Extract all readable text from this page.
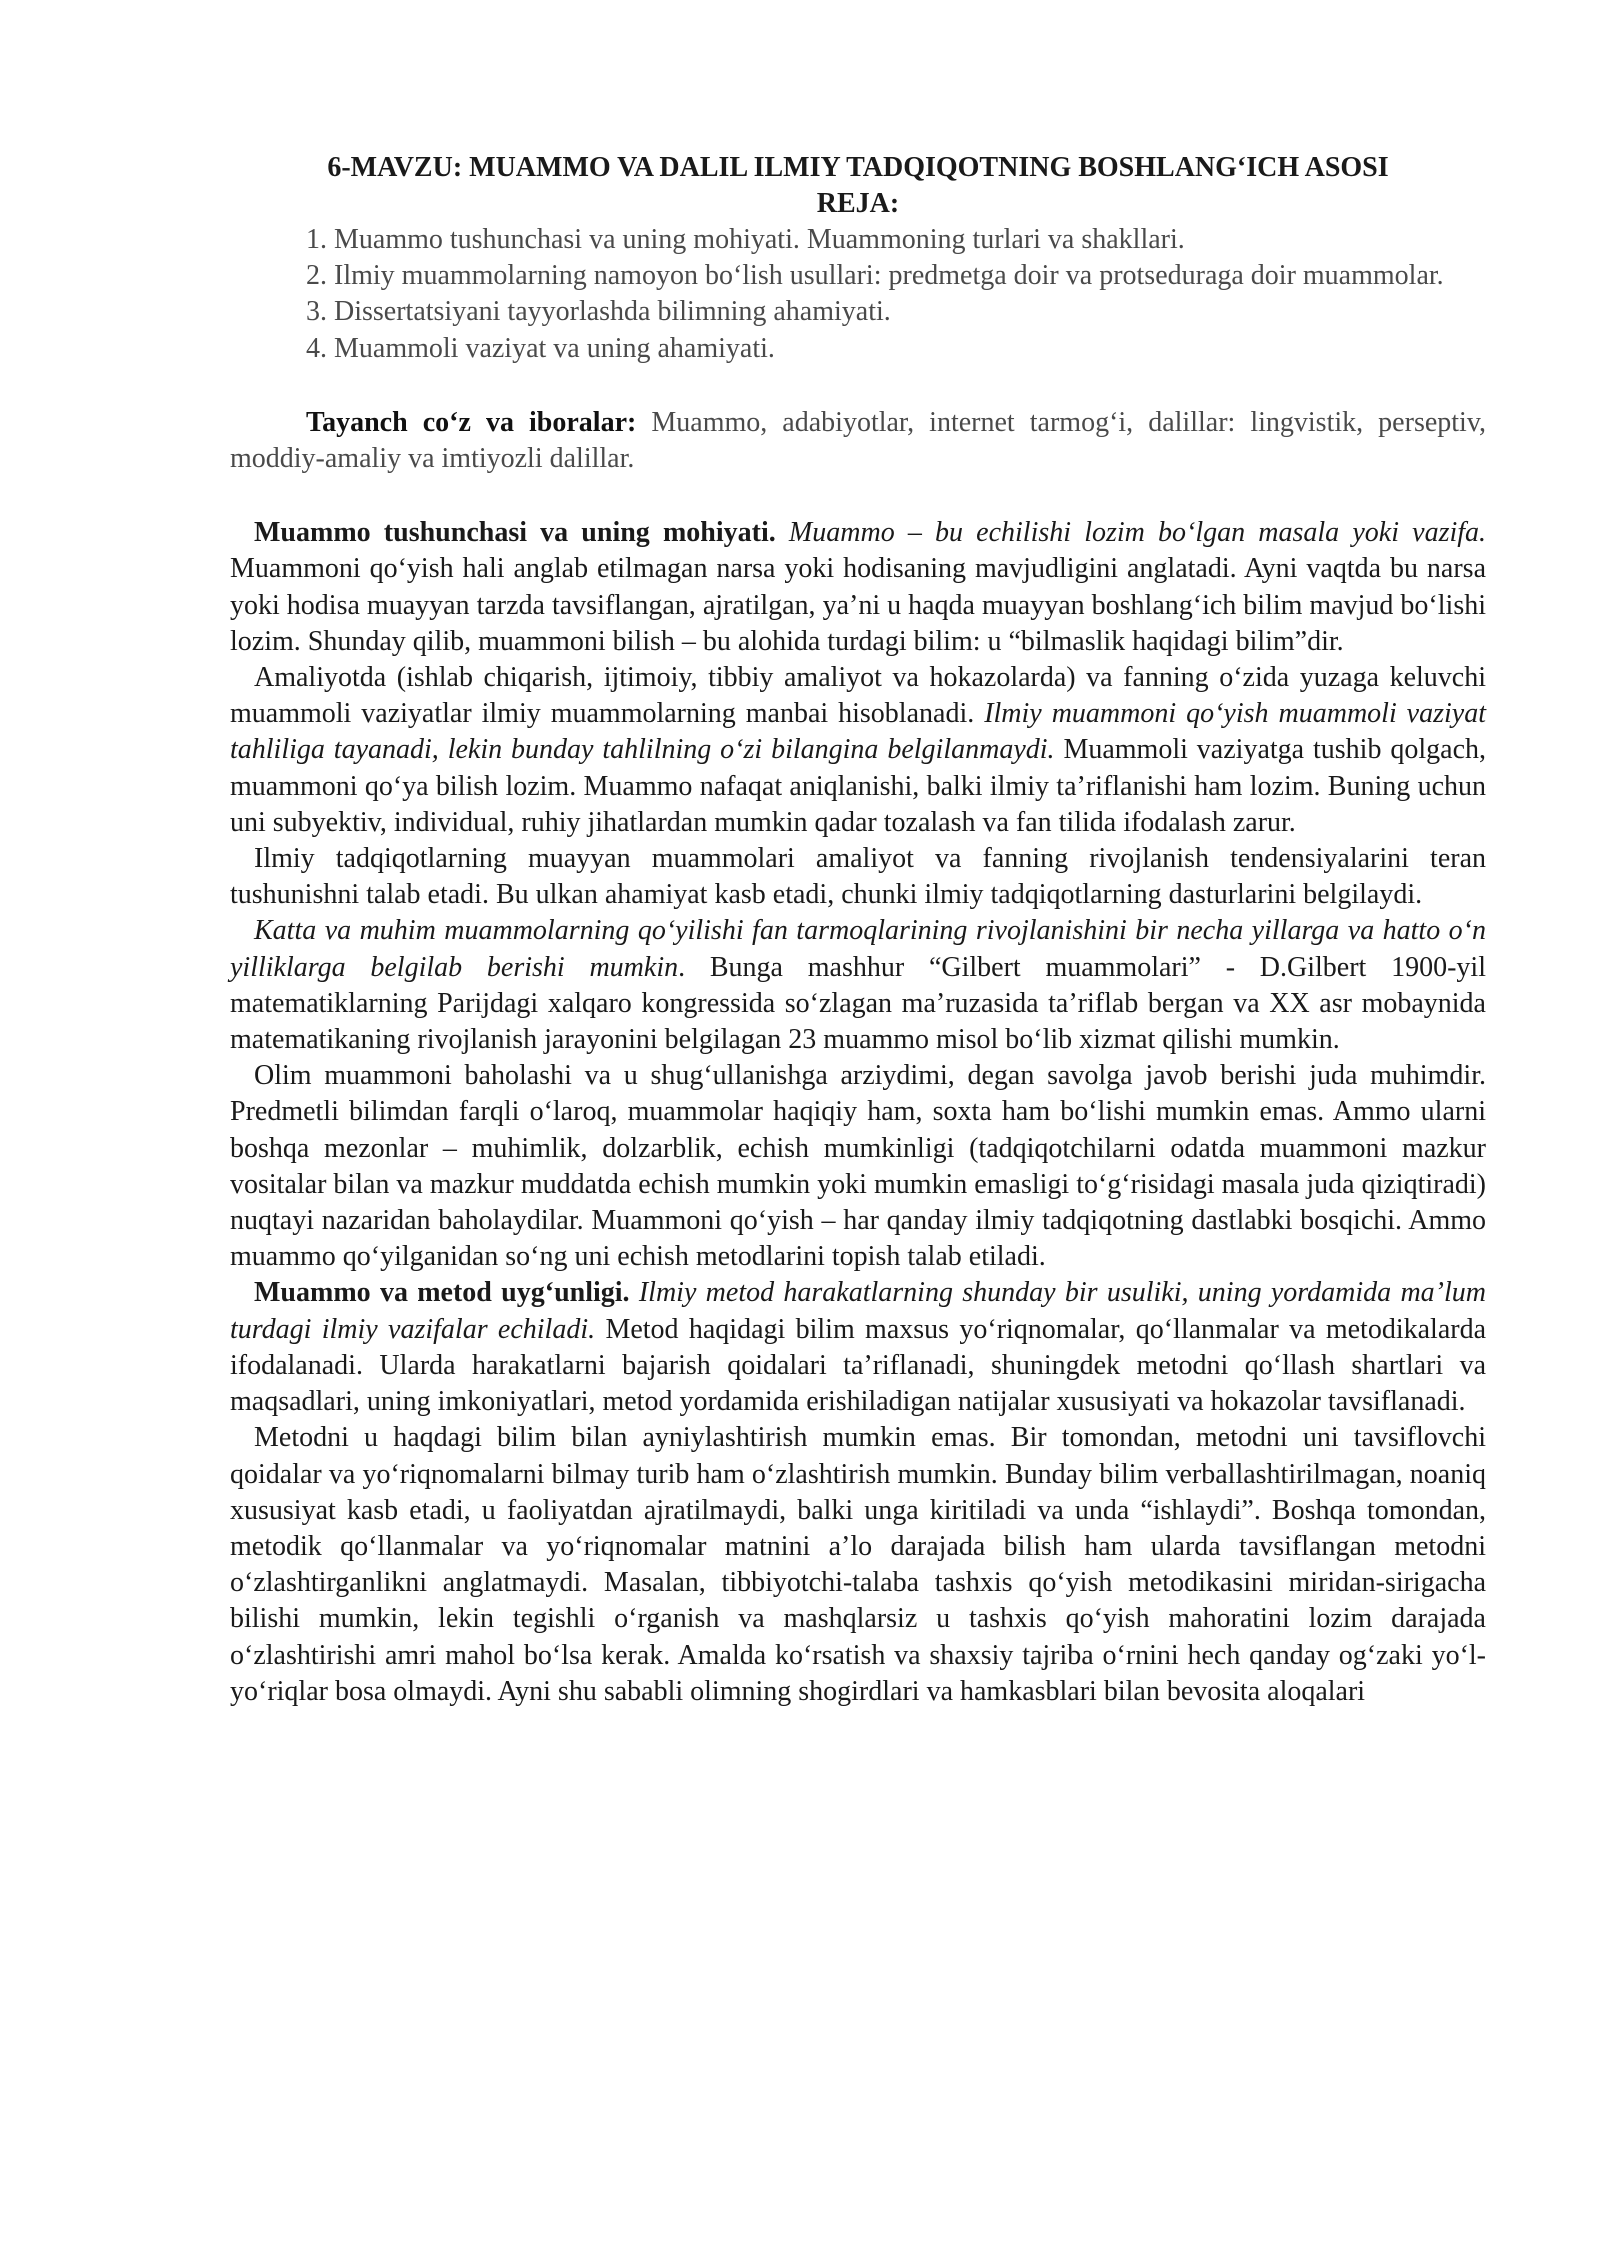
6-MAVZU: MUAMMO VA DALIL ILMIY TADQIQOTNING BOSHLANG‘ICH ASOSI

REJA:

1. Muammo tushunchasi va uning mohiyati. Muammoning turlari va shakllari.

2. Ilmiy muammolarning namoyon bo‘lish usullari: predmetga doir va protseduraga doir muammolar.

3. Dissertatsiyani tayyorlashda bilimning ahamiyati.

4. Muammoli vaziyat va uning ahamiyati.

Tayanch co‘z va iboralar: Muammo, adabiyotlar, internet tarmog‘i, dalillar: lingvistik, perseptiv, moddiy-amaliy va imtiyozli dalillar.

Muammo tushunchasi va uning mohiyati. Muammo – bu echilishi lozim bo‘lgan masala yoki vazifa. Muammoni qo‘yish hali anglab etilmagan narsa yoki hodisaning mavjudligini anglatadi. Ayni vaqtda bu narsa yoki hodisa muayyan tarzda tavsiflangan, ajratilgan, ya’ni u haqda muayyan boshlang‘ich bilim mavjud bo‘lishi lozim. Shunday qilib, muammoni bilish – bu alohida turdagi bilim: u “bilmaslik haqidagi bilim”dir.

Amaliyotda (ishlab chiqarish, ijtimoiy, tibbiy amaliyot va hokazolarda) va fanning o‘zida yuzaga keluvchi muammoli vaziyatlar ilmiy muammolarning manbai hisoblanadi. Ilmiy muammoni qo‘yish muammoli vaziyat tahliliga tayanadi, lekin bunday tahlilning o‘zi bilangina belgilanmaydi. Muammoli vaziyatga tushib qolgach, muammoni qo‘ya bilish lozim. Muammo nafaqat aniqlanishi, balki ilmiy ta’riflanishi ham lozim. Buning uchun uni subyektiv, individual, ruhiy jihatlardan mumkin qadar tozalash va fan tilida ifodalash zarur.

Ilmiy tadqiqotlarning muayyan muammolari amaliyot va fanning rivojlanish tendensiyalarini teran tushunishni talab etadi. Bu ulkan ahamiyat kasb etadi, chunki ilmiy tadqiqotlarning dasturlarini belgilaydi.

Katta va muhim muammolarning qo‘yilishi fan tarmoqlarining rivojlanishini bir necha yillarga va hatto o‘n yilliklarga belgilab berishi mumkin. Bunga mashhur “Gilbert muammolari” - D.Gilbert 1900-yil matematiklarning Parijdagi xalqaro kongressida so‘zlagan ma’ruzasida ta’riflab bergan va XX asr mobaynida matematikaning rivojlanish jarayonini belgilagan 23 muammo misol bo‘lib xizmat qilishi mumkin.

Olim muammoni baholashi va u shug‘ullanishga arziydimi, degan savolga javob berishi juda muhimdir. Predmetli bilimdan farqli o‘laroq, muammolar haqiqiy ham, soxta ham bo‘lishi mumkin emas. Ammo ularni boshqa mezonlar – muhimlik, dolzarblik, echish mumkinligi (tadqiqotchilarni odatda muammoni mazkur vositalar bilan va mazkur muddatda echish mumkin yoki mumkin emasligi to‘g‘risidagi masala juda qiziqtiradi) nuqtayi nazaridan baholaydilar. Muammoni qo‘yish – har qanday ilmiy tadqiqotning dastlabki bosqichi. Ammo muammo qo‘yilganidan so‘ng uni echish metodlarini topish talab etiladi.

Muammo va metod uyg‘unligi. Ilmiy metod harakatlarning shunday bir usuliki, uning yordamida ma’lum turdagi ilmiy vazifalar echiladi. Metod haqidagi bilim maxsus yo‘riqnomalar, qo‘llanmalar va metodikalarda ifodalanadi. Ularda harakatlarni bajarish qoidalari ta’riflanadi, shuningdek metodni qo‘llash shartlari va maqsadlari, uning imkoniyatlari, metod yordamida erishiladigan natijalar xususiyati va hokazolar tavsiflanadi.

Metodni u haqdagi bilim bilan ayniylashtirish mumkin emas. Bir tomondan, metodni uni tavsiflovchi qoidalar va yo‘riqnomalarni bilmay turib ham o‘zlashtirish mumkin. Bunday bilim verballashtirilmagan, noaniq xususiyat kasb etadi, u faoliyatdan ajratilmaydi, balki unga kiritiladi va unda “ishlaydi”. Boshqa tomondan, metodik qo‘llanmalar va yo‘riqnomalar matnini a’lo darajada bilish ham ularda tavsiflangan metodni o‘zlashtirganlikni anglatmaydi. Masalan, tibbiyotchi-talaba tashxis qo‘yish metodikasini miridan-sirigacha bilishi mumkin, lekin tegishli o‘rganish va mashqlarsiz u tashxis qo‘yish mahoratini lozim darajada o‘zlashtirishi amri mahol bo‘lsa kerak. Amalda ko‘rsatish va shaxsiy tajriba o‘rnini hech qanday og‘zaki yo‘l-yo‘riqlar bosa olmaydi. Ayni shu sababli olimning shogirdlari va hamkasblari bilan bevosita aloqalari
